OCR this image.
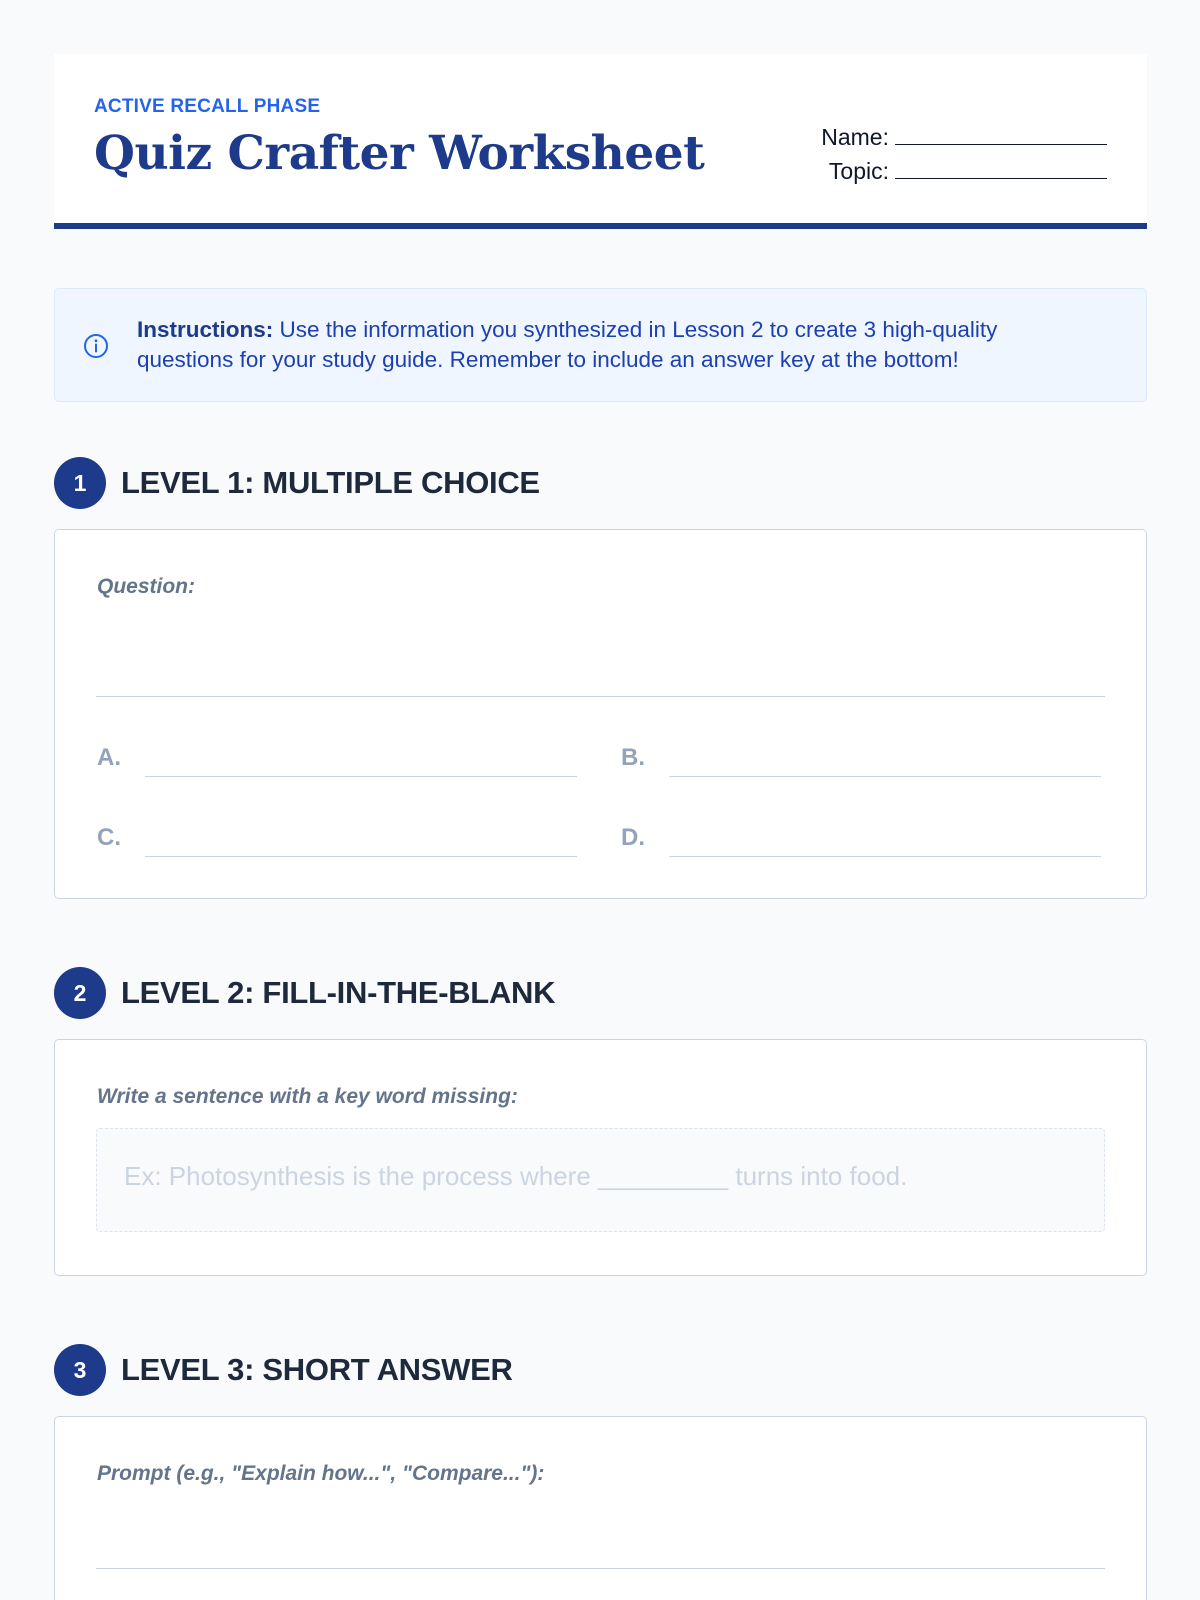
ACTIVE RECALL PHASE
Quiz Crafter Worksheet	Name:
Topic:
Instructions: Use the information you synthesized in Lesson 2 to create 3 high-quality questions for your study guide. Remember to include an answer key at the bottom!
1	LEVEL 1: MULTIPLE CHOICE
Question:
A.	B.
C.	D.
2	LEVEL 2: FILL-IN-THE-BLANK
Write a sentence with a key word missing:
Ex: Photosynthesis is the process where _________ turns into food.
3	LEVEL 3: SHORT ANSWER
Prompt (e.g., "Explain how...", "Compare..."):
